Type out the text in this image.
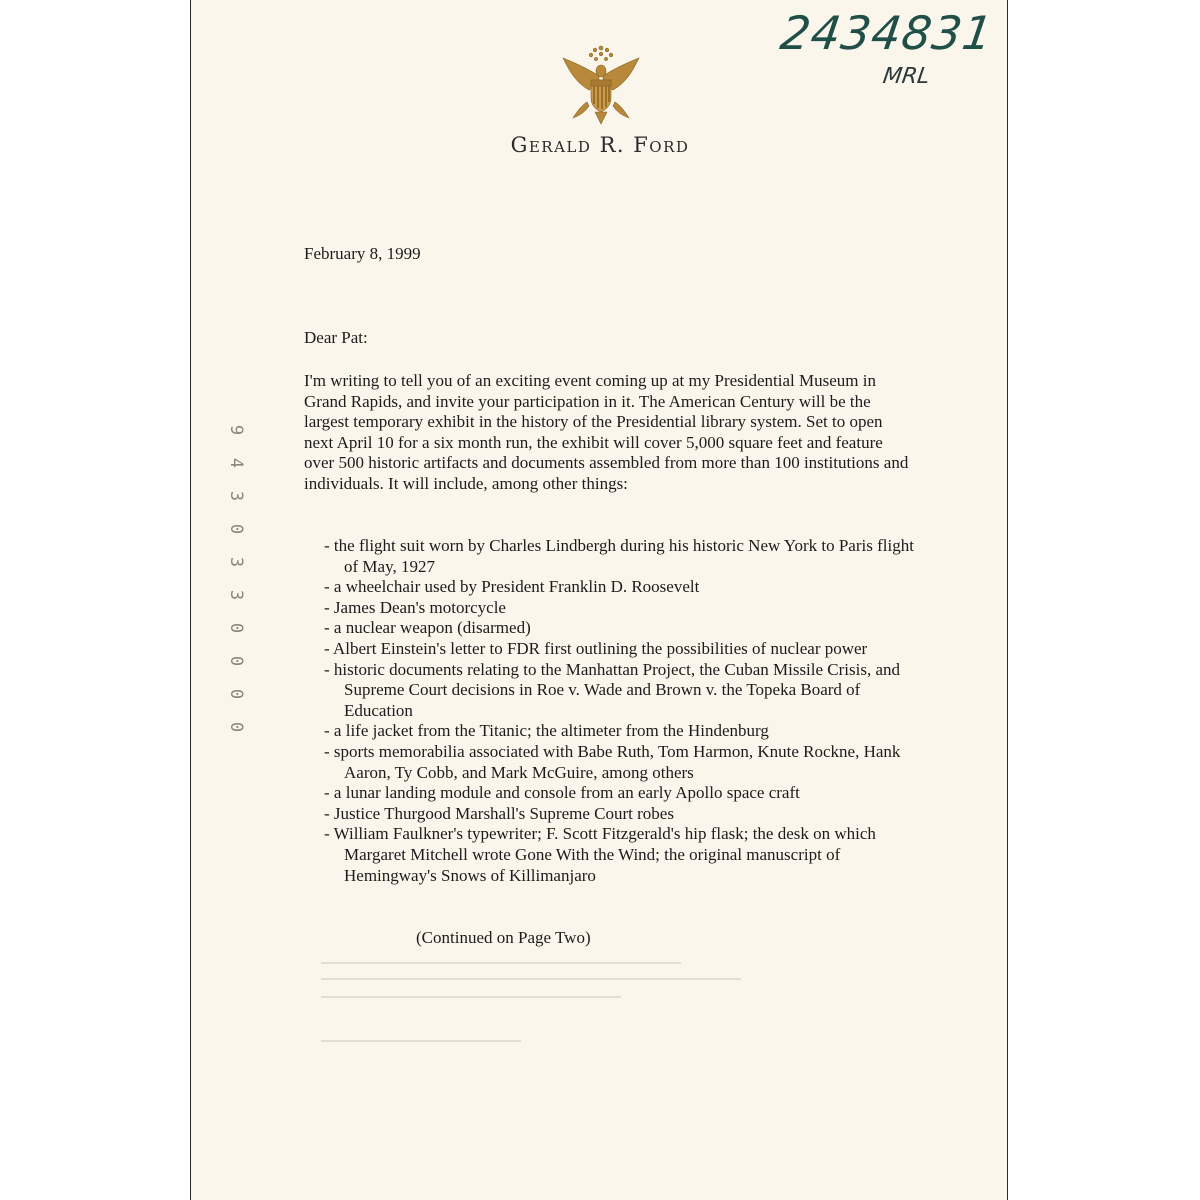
2434831
MRL
Gerald R. Ford
February 8, 1999
Dear Pat:

I'm writing to tell you of an exciting event coming up at my Presidential Museum in Grand Rapids, and invite your participation in it. The American Century will be the largest temporary exhibit in the history of the Presidential library system. Set to open next April 10 for a six month run, the exhibit will cover 5,000 square feet and feature over 500 historic artifacts and documents assembled from more than 100 institutions and individuals. It will include, among other things:

- the flight suit worn by Charles Lindbergh during his historic New York to Paris flight of May, 1927
- a wheelchair used by President Franklin D. Roosevelt
- James Dean's motorcycle
- a nuclear weapon (disarmed)
- Albert Einstein's letter to FDR first outlining the possibilities of nuclear power
- historic documents relating to the Manhattan Project, the Cuban Missile Crisis, and Supreme Court decisions in Roe v. Wade and Brown v. the Topeka Board of Education
- a life jacket from the Titanic; the altimeter from the Hindenburg
- sports memorabilia associated with Babe Ruth, Tom Harmon, Knute Rockne, Hank Aaron, Ty Cobb, and Mark McGuire, among others
- a lunar landing module and console from an early Apollo space craft
- Justice Thurgood Marshall's Supreme Court robes
- William Faulkner's typewriter; F. Scott Fitzgerald's hip flask; the desk on which Margaret Mitchell wrote Gone With the Wind; the original manuscript of Hemingway's Snows of Killimanjaro
(Continued on Page Two)
0
0
0
0
3
3
0
3
4
9
